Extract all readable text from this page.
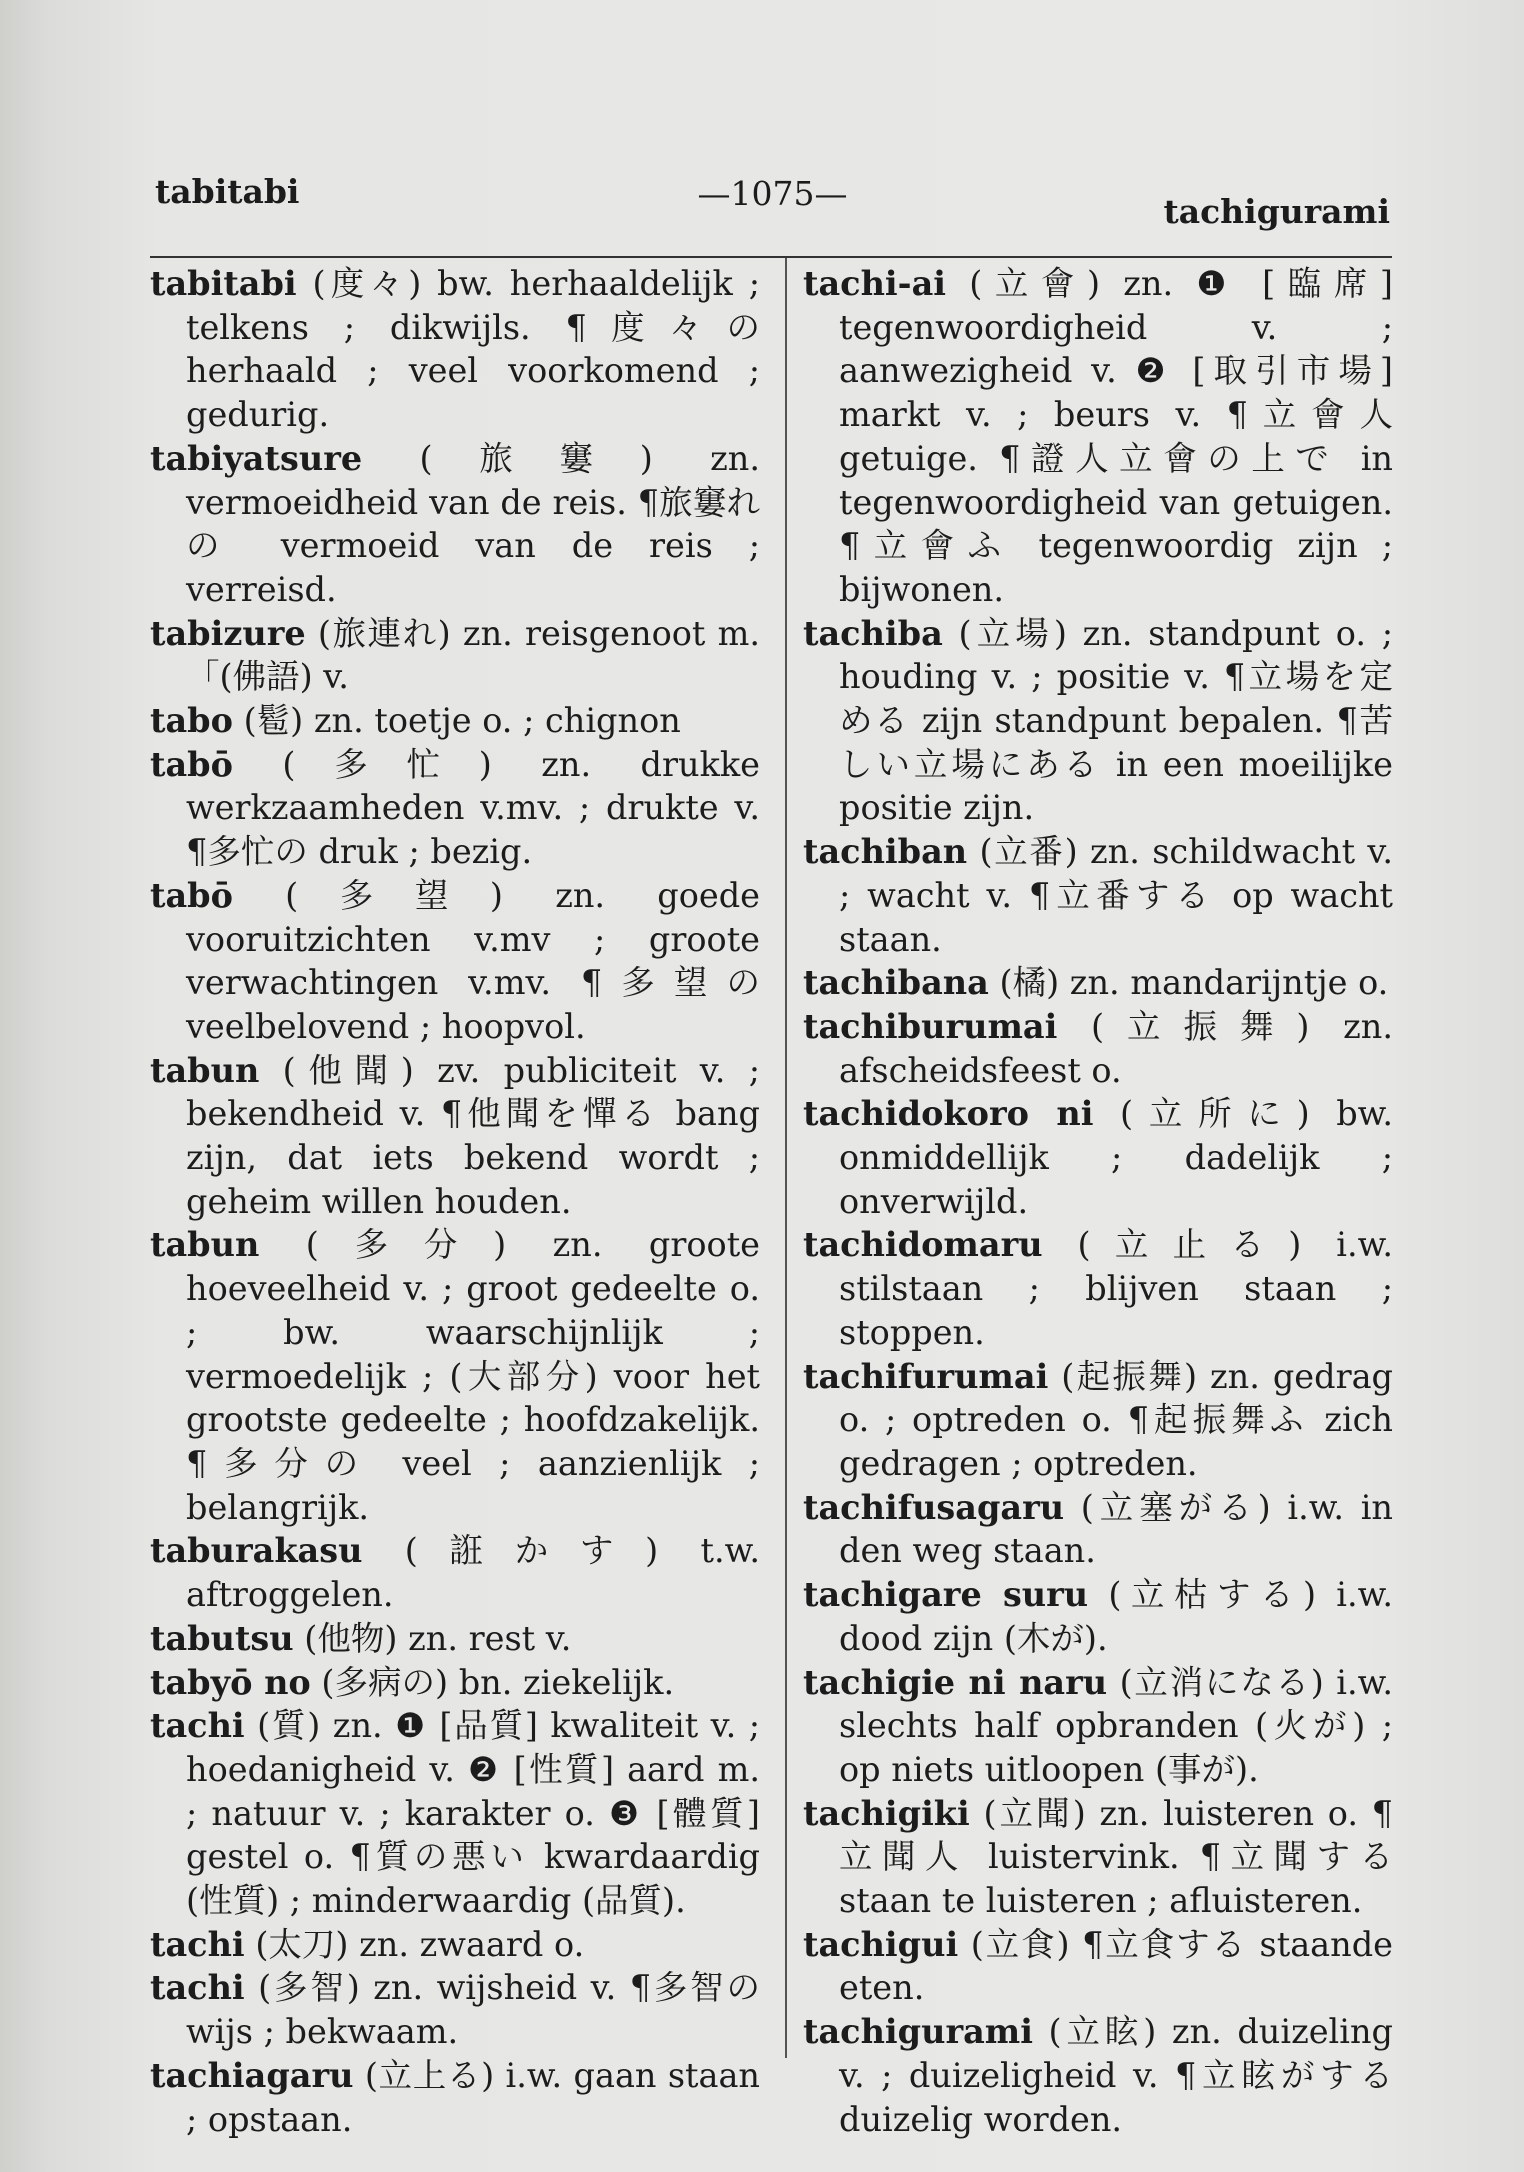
tabitabi	—1075—	tachigurami

tabitabi (度々) bw. herhaaldelijk ; telkens ; dikwijls. ¶度々の herhaald ; veel voorkomend ; gedurig.

tabiyatsure (旅窶) zn. vermoeidheid van de reis. ¶旅窶れの vermoeid van de reis ; verreisd.

tabizure (旅連れ) zn. reisgenoot m. 「(佛語) v.

tabo (髱) zn. toetje o. ; chignon

tabō (多忙) zn. drukke werkzaamheden v.mv. ; drukte v. ¶多忙の druk ; bezig.

tabō (多望) zn. goede vooruitzichten v.mv ; groote verwachtingen v.mv. ¶多望の veelbelovend ; hoopvol.

tabun (他聞) zv. publiciteit v. ; bekendheid v. ¶他聞を憚る bang zijn, dat iets bekend wordt ; geheim willen houden.

tabun (多分) zn. groote hoeveelheid v. ; groot gedeelte o. ; bw. waarschijnlijk ; vermoedelijk ; (大部分) voor het grootste gedeelte ; hoofdzakelijk. ¶多分の veel ; aanzienlijk ; belangrijk.

taburakasu (誑かす) t.w. aftroggelen.

tabutsu (他物) zn. rest v.

tabyō no (多病の) bn. ziekelijk.

tachi (質) zn. ❶ [品質] kwaliteit v. ; hoedanigheid v. ❷ [性質] aard m. ; natuur v. ; karakter o. ❸ [體質] gestel o. ¶質の悪い kwardaardig (性質) ; minderwaardig (品質).

tachi (太刀) zn. zwaard o.

tachi (多智) zn. wijsheid v. ¶多智の wijs ; bekwaam.

tachiagaru (立上る) i.w. gaan staan ; opstaan.

tachi-ai (立會) zn. ❶ [臨席] tegenwoordigheid v. ; aanwezigheid v. ❷ [取引市場] markt v. ; beurs v. ¶立會人 getuige. ¶證人立會の上で in tegenwoordigheid van getuigen. ¶立會ふ tegenwoordig zijn ; bijwonen.

tachiba (立場) zn. standpunt o. ; houding v. ; positie v. ¶立場を定める zijn standpunt bepalen. ¶苦しい立場にある in een moeilijke positie zijn.

tachiban (立番) zn. schildwacht v. ; wacht v. ¶立番する op wacht staan.

tachibana (橘) zn. mandarijntje o.

tachiburumai (立振舞) zn. afscheidsfeest o.

tachidokoro ni (立所に) bw. onmiddellijk ; dadelijk ; onverwijld.

tachidomaru (立止る) i.w. stilstaan ; blijven staan ; stoppen.

tachifurumai (起振舞) zn. gedrag o. ; optreden o. ¶起振舞ふ zich gedragen ; optreden.

tachifusagaru (立塞がる) i.w. in den weg staan.

tachigare suru (立枯する) i.w. dood zijn (木が).

tachigie ni naru (立消になる) i.w. slechts half opbranden (火が) ; op niets uitloopen (事が).

tachigiki (立聞) zn. luisteren o. ¶立聞人 luistervink. ¶立聞する staan te luisteren ; afluisteren.

tachigui (立食) ¶立食する staande eten.

tachigurami (立眩) zn. duizeling v. ; duizeligheid v. ¶立眩がする duizelig worden.
